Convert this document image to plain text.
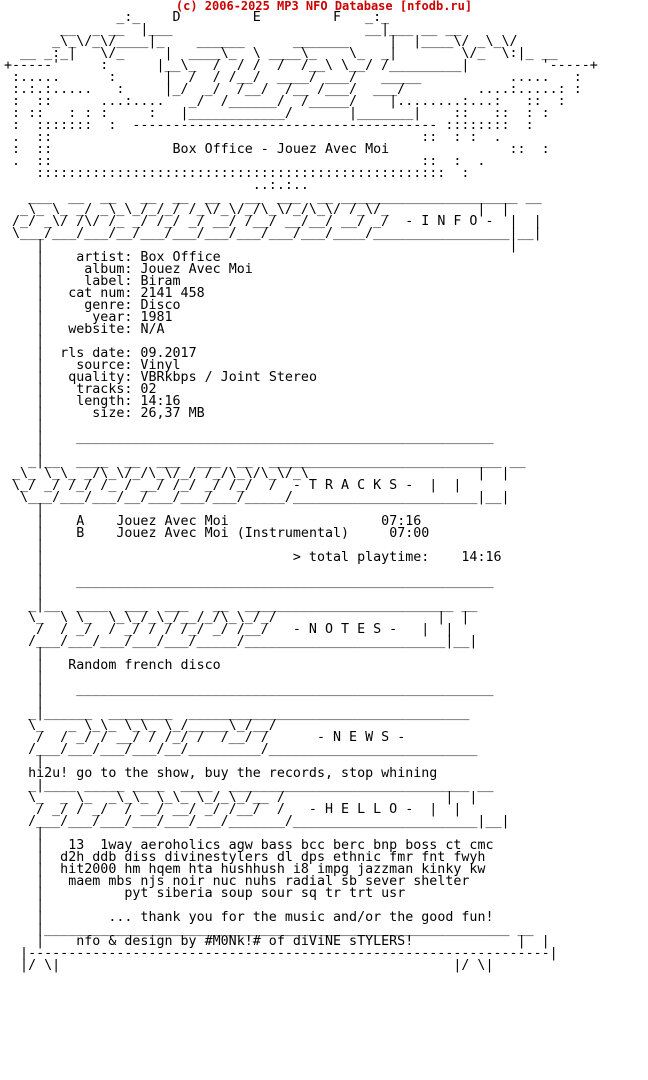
(c) 2006-2025 MP3 NFO Database [nfodb.ru]
_:_    D         E         F   _:_
__  _ __  |___                        __|___ __ __
_\_\/_\/____|_    ______      _______     |  |____\/ _\_\/
__ _:_|   \/_     |  ____\_  \ ____\_    \_  _|        \/_  \:|_ __
+-----'     :      |__\_  /  / /  /  /__\ \__/ /_________|         '-----+
:.....      :      |  /  / /__/  ____/ ___/   _____           .....   :
:.:.:.....   :     |_/  _/  /__/  /__ /___/  ___/         ....:.....: :
:  ::      ...:....   _/  /______/  /_____/    |........:...:   ::  :
: ::   : : :     :   |____________/       |_______|    ::   ::  : :
:  :::::::  :  -------------------------------------- ::::::::  :
.  ::                                              ::  : :  .
:  ::               Box Office - Jouez Avec Moi               ::  :
.  ::                                              ::  :  .
:::::::::::::::::::::::::::::::::::::::::::::::::::  :
..:.:..
___  __  __   __  __  __   __  ___  __ ______________________ __
_\_ \_ _/ _\_\_/_/_/ /_\/_\/_/\_\/_/\_\/ /_\/_           |  |
/_/ _\/ /\/ /_ _/ /_/ _/ __/ /__/ __/__/ __/ _/  - I N F O -  |  |
\___/___/___/__/___/___/___/___/___/___/____/_________________|__|
|                                                          |
|    artist: Box Office
|     album: Jouez Avec Moi
|     label: Biram
|   cat num: 2141 458
|     genre: Disco
|      year: 1981
|   website: N/A
|
|  rls date: 09.2017
|    source: Vinyl
|   quality: VBRkbps / Joint Stereo
|    tracks: 02
|    length: 14:16
|      size: 26,37 MB
|
|    ____________________________________________________
|
_|__  ____  __  ___  ___  __  _____________________________ __
_\_ \_\_ _/\_\/_/\_\/_/ /_/\_\/\_\/_\                     |  |
\_/ _/ /_/ /_ / __/ /_/ _/ /_/  /  - T R A C K S -  |  |
\___/___/___/__/___/___/___/_____/_______________________|__|
|
|    A Jouez Avec Moi	07:16
|    B Jouez Avec Moi (Instrumental)	07:00
|
|                               > total playtime: 14:16
|
|    ____________________________________________________
|
_|__  ____  ___  ___   __  __________________________ __
\_  \ \_  \_\_/_\_/__/_/\_\_/_/                    |  |
/  / _/  / _/ / / /_/ _/ /__/   - N O T E S -   |  |
/___/___/___/___/___/_____/_________________________|__|
|
|   Random french disco
|
|    ____________________________________________________
|
_|______  ________  ___________________________________
\_   _ \_\_ \_\_ \_/_____\_/__/
/  / _/ / __/ / /_/ /  /__/ /      - N E W S -
/___/___/___/___/__/_________/__________________________
|
hi2u! go to the show, buy the records, stop whining
_|____ _____ ____  ____  ______________________________ __
\_  _ \_  _\_\_ \_\_ \_/_\_/__ /                    |  |
/ _/ / _/  / __/ __/ _/ /__/  /   - H E L L O -  |  |
/___/___/___/___/___/___/_______/_______________________|__|
|
|   13  1way aeroholics agw bass bcc berc bnp boss ct cmc
|  d2h ddb diss divinestylers dl dps ethnic fmr fnt fwyh
|  hit2000 hm hqem hta hushhush i8 impg jazzman kinky kw
|   maem mbs njs noir nuc nuhs radial sb sever shelter
|          pyt siberia soup sour sq tr trt usr
|
|        ... thank you for the music and/or the good fun!
|__________________________________________________________ __
|    nfo & design by #M0Nk!# of diViNE sTYLERS!             |  |
|-----------------------------------------------------------------|
|/ \|                                                 |/ \|
